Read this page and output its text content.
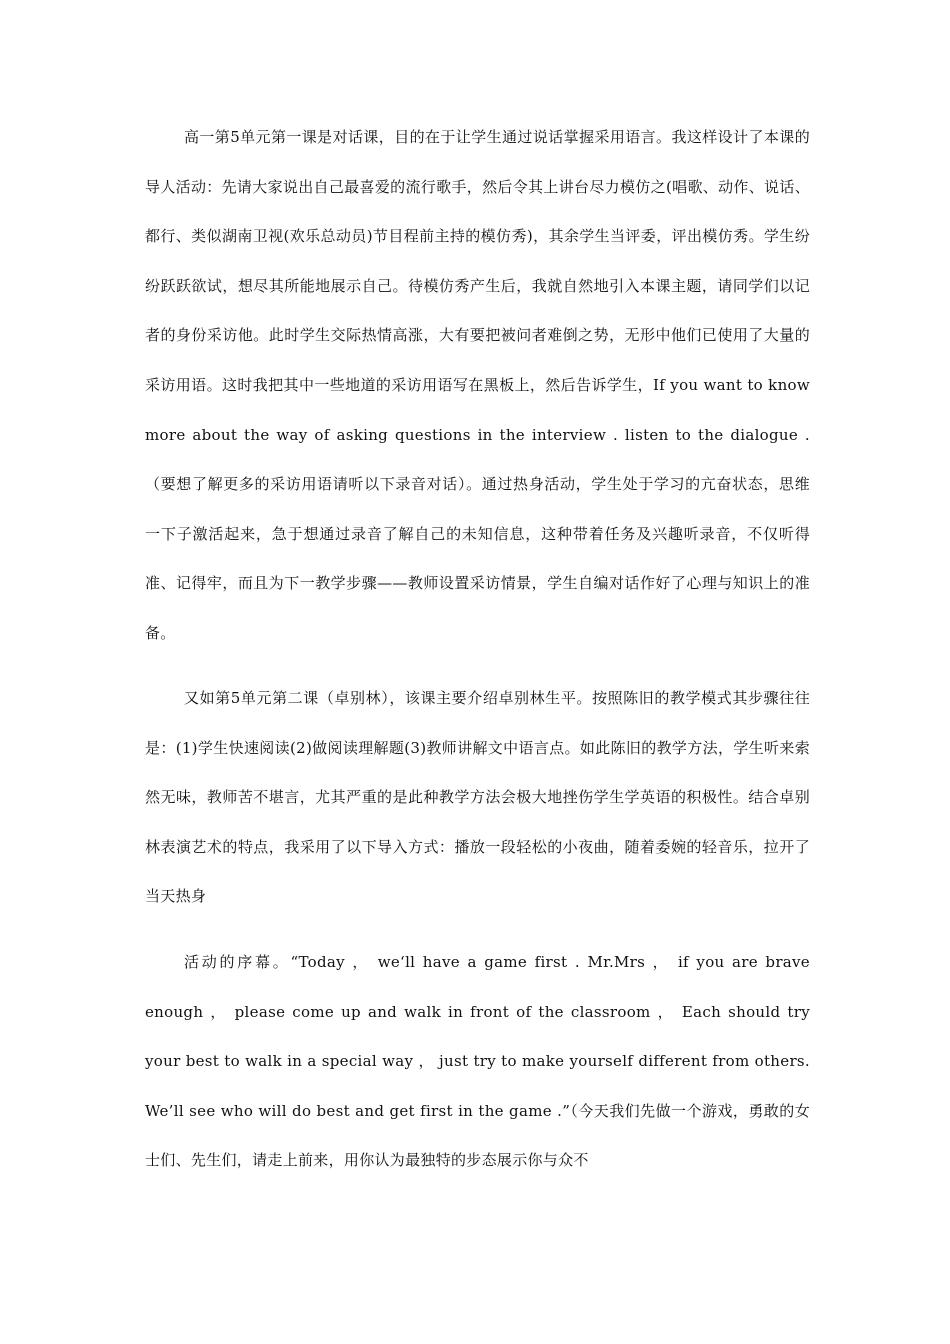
高一第5单元第一课是对话课，目的在于让学生通过说话掌握采用语言。我这样设计了本课的导人活动：先请大家说出自己最喜爱的流行歌手，然后令其上讲台尽力模仿之(唱歌、动作、说话、都行、类似湖南卫视(欢乐总动员)节目程前主持的模仿秀)，其余学生当评委，评出模仿秀。学生纷纷跃跃欲试，想尽其所能地展示自己。待模仿秀产生后，我就自然地引入本课主题，请同学们以记者的身份采访他。此时学生交际热情高涨，大有要把被问者难倒之势，无形中他们已使用了大量的采访用语。这时我把其中一些地道的采访用语写在黑板上，然后告诉学生，If you want to know more about the way of asking questions in the interview . listen to the dialogue .（要想了解更多的采访用语请听以下录音对话）。通过热身活动，学生处于学习的亢奋状态，思维一下子激活起来，急于想通过录音了解自己的未知信息，这种带着任务及兴趣听录音，不仅听得准、记得牢，而且为下一教学步骤——教师设置采访情景，学生自编对话作好了心理与知识上的准备。

又如第5单元第二课（卓别林），该课主要介绍卓别林生平。按照陈旧的教学模式其步骤往往是：(1)学生快速阅读(2)做阅读理解题(3)教师讲解文中语言点。如此陈旧的教学方法，学生听来索然无味，教师苦不堪言，尤其严重的是此种教学方法会极大地挫伤学生学英语的积极性。结合卓别林表演艺术的特点，我采用了以下导入方式：播放一段轻松的小夜曲，随着委婉的轻音乐，拉开了当天热身

活动的序幕。“Today ， we‘ll have a game first . Mr.Mrs ， if you are brave enough ， please come up and walk in front of the classroom ， Each should try your best to walk in a special way ， just try to make yourself different from others. We’ll see who will do best and get first in the game .”（今天我们先做一个游戏，勇敢的女士们、先生们，请走上前来，用你认为最独特的步态展示你与众不
